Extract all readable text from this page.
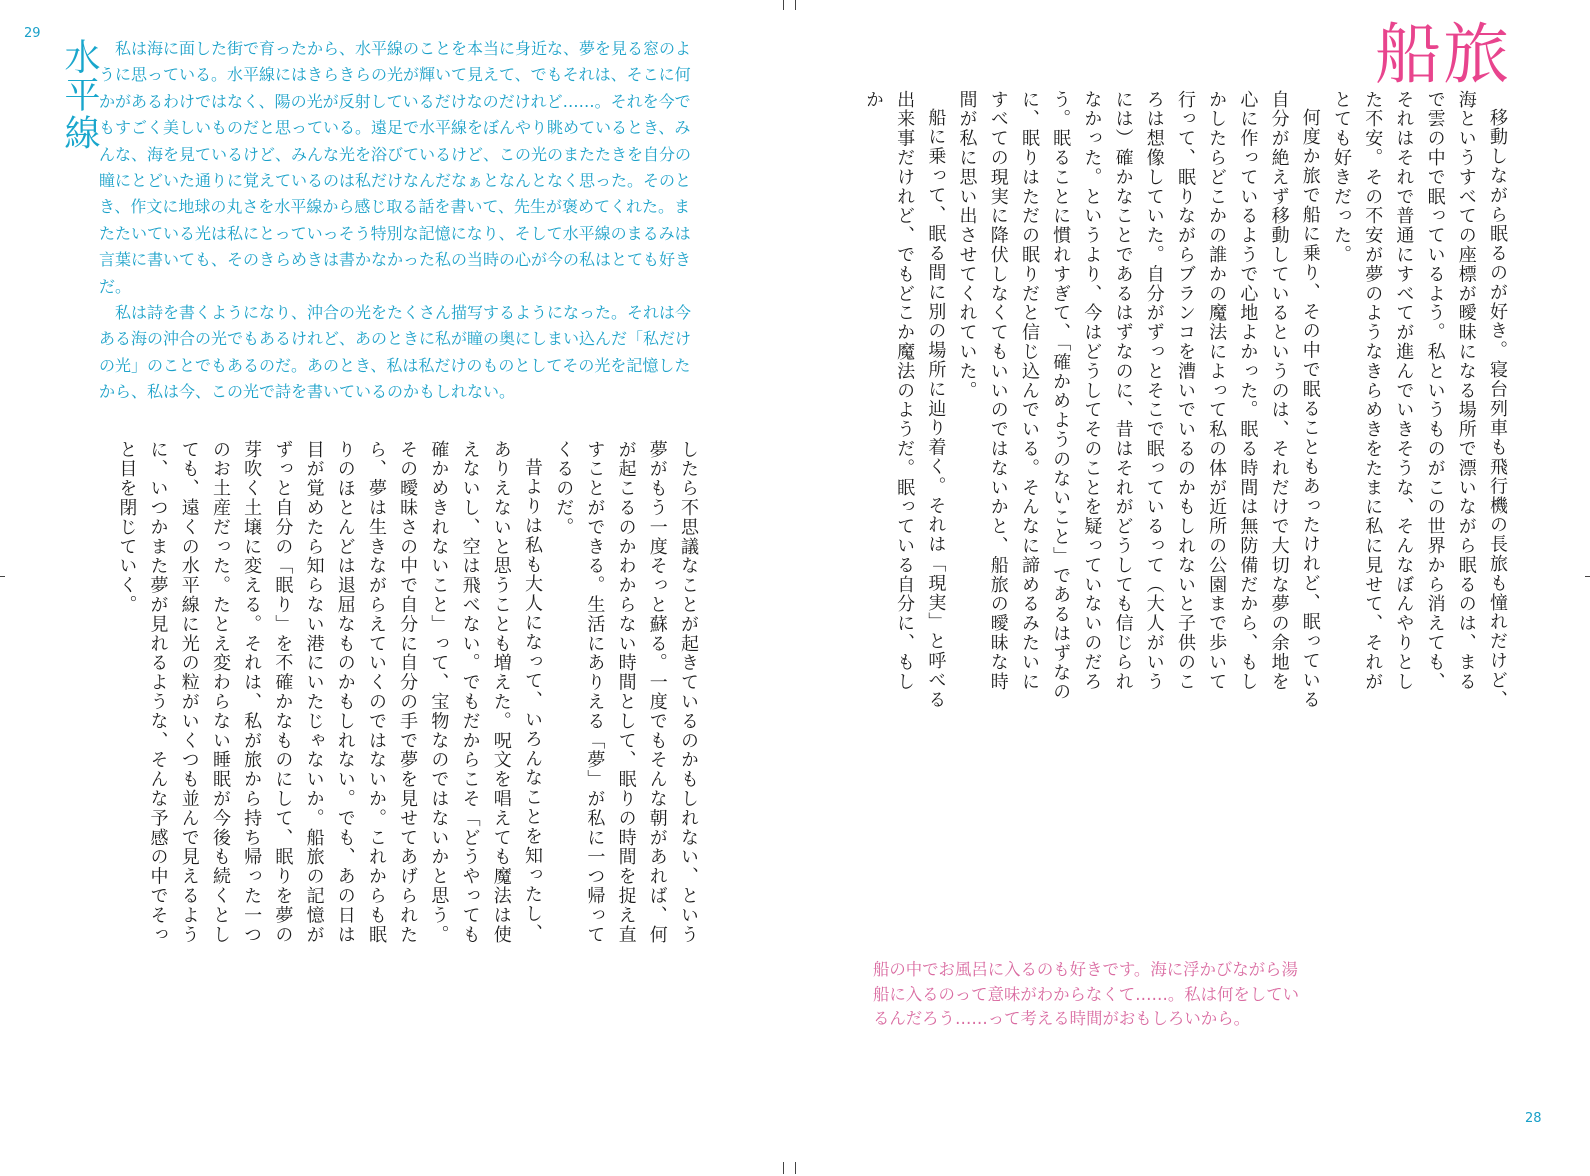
29
水平線 私は海に面した街で育ったから、水平線のことを本当に身近な、夢を見る窓のように思っている。水平線にはきらきらの光が輝いて見えて、でもそれは、そこに何かがあるわけではなく、陽の光が反射しているだけなのだけれど……。それを今でもすごく美しいものだと思っている。遠足で水平線をぼんやり眺めているとき、みんな、海を見ているけど、みんな光を浴びているけど、この光のまたたきを自分の瞳にとどいた通りに覚えているのは私だけなんだなぁとなんとなく思った。そのとき、作文に地球の丸さを水平線から感じ取る話を書いて、先生が褒めてくれた。またたいている光は私にとっていっそう特別な記憶になり、そして水平線のまるみは言葉に書いても、そのきらめきは書かなかった私の当時の心が今の私はとても好きだ。

私は詩を書くようになり、沖合の光をたくさん描写するようになった。それは今ある海の沖合の光でもあるけれど、あのときに私が瞳の奥にしまい込んだ「私だけの光」のことでもあるのだ。あのとき、私は私だけのものとしてその光を記憶したから、私は今、この光で詩を書いているのかもしれない。

したら不思議なことが起きているのかもしれない、という夢がもう一度そっと蘇る。一度でもそんな朝があれば、何が起こるのかわからない時間として、眠りの時間を捉え直すことができる。生活にありえる「夢」が私に一つ帰ってくるのだ。

昔よりは私も大人になって、いろんなことを知ったし、ありえないと思うことも増えた。呪文を唱えても魔法は使えないし、空は飛べない。でもだからこそ「どうやっても確かめきれないこと」って、宝物なのではないかと思う。その曖昧さの中で自分に自分の手で夢を見せてあげられたら、夢は生きながらえていくのではないか。これからも眠りのほとんどは退屈なものかもしれない。でも、あの日は目が覚めたら知らない港にいたじゃないか。船旅の記憶がずっと自分の「眠り」を不確かなものにして、眠りを夢の芽吹く土壌に変える。それは、私が旅から持ち帰った一つのお土産だった。たとえ変わらない睡眠が今後も続くとしても、遠くの水平線に光の粒がいくつも並んで見えるように、いつかまた夢が見れるような、そんな予感の中でそっと目を閉じていく。

船旅

移動しながら眠るのが好き。寝台列車も飛行機の長旅も憧れだけど、海というすべての座標が曖昧になる場所で漂いながら眠るのは、まるで雲の中で眠っているよう。私というものがこの世界から消えても、それはそれで普通にすべてが進んでいきそうな、そんなぼんやりとした不安。その不安が夢のようなきらめきをたまに私に見せて、それがとても好きだった。

何度か旅で船に乗り、その中で眠ることもあったけれど、眠っている自分が絶えず移動しているというのは、それだけで大切な夢の余地を心に作っているようで心地よかった。眠る時間は無防備だから、もしかしたらどこかの誰かの魔法によって私の体が近所の公園まで歩いて行って、眠りながらブランコを漕いでいるのかもしれないと子供のころは想像していた。自分がずっとそこで眠っているって（大人がいうには）確かなことであるはずなのに、昔はそれがどうしても信じられなかった。というより、今はどうしてそのことを疑っていないのだろう。眠ることに慣れすぎて、「確かめようのないこと」であるはずなのに、眠りはただの眠りだと信じ込んでいる。そんなに諦めるみたいにすべての現実に降伏しなくてもいいのではないかと、船旅の曖昧な時間が私に思い出させてくれていた。

船に乗って、眠る間に別の場所に辿り着く。それは「現実」と呼べる出来事だけれど、でもどこか魔法のようだ。眠っている自分に、もしか

船の中でお風呂に入るのも好きです。海に浮かびながら湯船に入るのって意味がわからなくて……。私は何をしているんだろう……って考える時間がおもしろいから。
28
